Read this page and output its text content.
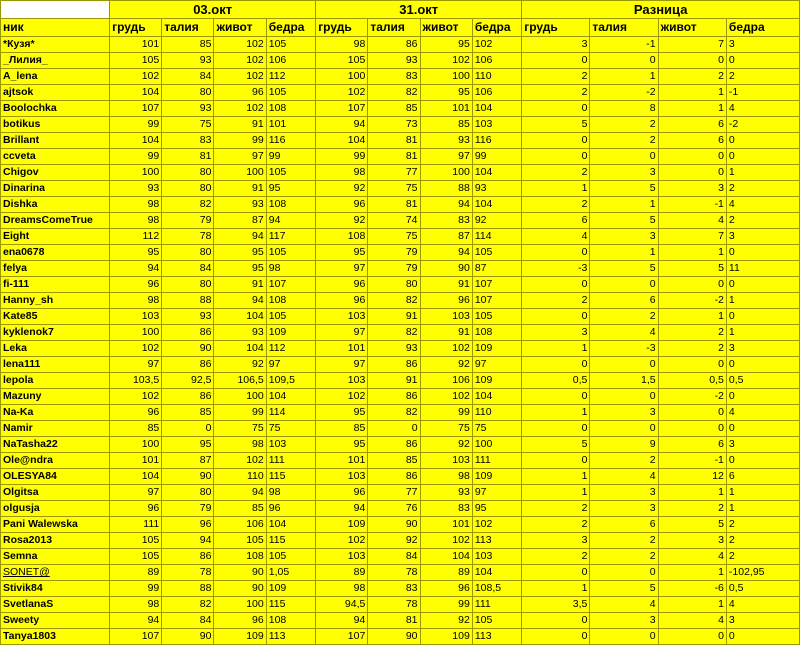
	03.окт				31.окт				Разница			
ник	грудь	талия	живот	бедра	грудь	талия	живот	бедра	грудь	талия	живот	бедра
*Кузя*	101	85	102	105	98	86	95	102	3	-1	7	3
_Лилия_	105	93	102	106	105	93	102	106	0	0	0	0
A_lena	102	84	102	112	100	83	100	110	2	1	2	2
ajtsok	104	80	96	105	102	82	95	106	2	-2	1	-1
Boolochka	107	93	102	108	107	85	101	104	0	8	1	4
botikus	99	75	91	101	94	73	85	103	5	2	6	-2
Brillant	104	83	99	116	104	81	93	116	0	2	6	0
ccveta	99	81	97	99	99	81	97	99	0	0	0	0
Chigov	100	80	100	105	98	77	100	104	2	3	0	1
Dinarina	93	80	91	95	92	75	88	93	1	5	3	2
Dishka	98	82	93	108	96	81	94	104	2	1	-1	4
DreamsComeTrue	98	79	87	94	92	74	83	92	6	5	4	2
Eight	112	78	94	117	108	75	87	114	4	3	7	3
ena0678	95	80	95	105	95	79	94	105	0	1	1	0
felya	94	84	95	98	97	79	90	87	-3	5	5	11
fi-111	96	80	91	107	96	80	91	107	0	0	0	0
Hanny_sh	98	88	94	108	96	82	96	107	2	6	-2	1
Kate85	103	93	104	105	103	91	103	105	0	2	1	0
kyklenok7	100	86	93	109	97	82	91	108	3	4	2	1
Leka	102	90	104	112	101	93	102	109	1	-3	2	3
lena111	97	86	92	97	97	86	92	97	0	0	0	0
lepola	103,5	92,5	106,5	109,5	103	91	106	109	0,5	1,5	0,5	0,5
Mazuny	102	86	100	104	102	86	102	104	0	0	-2	0
Na-Ka	96	85	99	114	95	82	99	110	1	3	0	4
Namir	85	0	75	75	85	0	75	75	0	0	0	0
NaTasha22	100	95	98	103	95	86	92	100	5	9	6	3
Ole@ndra	101	87	102	111	101	85	103	111	0	2	-1	0
OLESYA84	104	90	110	115	103	86	98	109	1	4	12	6
Olgitsa	97	80	94	98	96	77	93	97	1	3	1	1
olgusja	96	79	85	96	94	76	83	95	2	3	2	1
Pani Walewska	111	96	106	104	109	90	101	102	2	6	5	2
Rosa2013	105	94	105	115	102	92	102	113	3	2	3	2
Semna	105	86	108	105	103	84	104	103	2	2	4	2
SONET@	89	78	90	1,05	89	78	89	104	0	0	1	-102,95
Stivik84	99	88	90	109	98	83	96	108,5	1	5	-6	0,5
SvetlanaS	98	82	100	115	94,5	78	99	111	3,5	4	1	4
Sweety	94	84	96	108	94	81	92	105	0	3	4	3
Tanya1803	107	90	109	113	107	90	109	113	0	0	0	0
